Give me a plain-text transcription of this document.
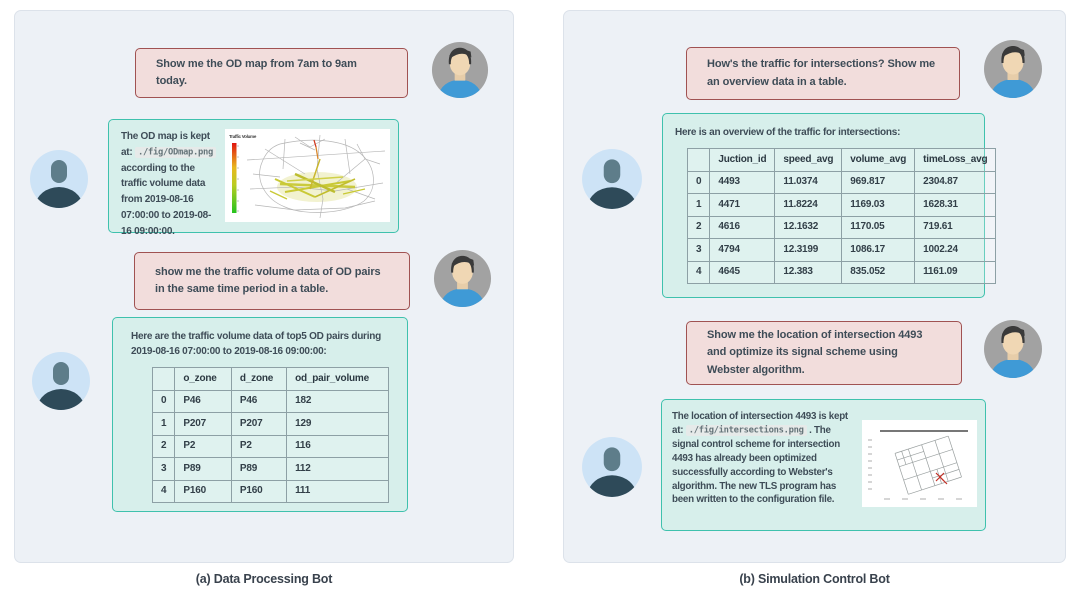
Show me the OD map from 7am to 9am today.
The OD map is kept at: ./fig/ODmap.png according to the traffic volume data from 2019-08-16 07:00:00 to 2019-08-16 09:00:00.
Traffic Volume
show me the traffic volume data of OD pairs in the same time period in a table.
Here are the traffic volume data of top5 OD pairs during 2019-08-16 07:00:00 to 2019-08-16 09:00:00:
	o_zone	d_zone	od_pair_volume
0	P46	P46	182
1	P207	P207	129
2	P2	P2	116
3	P89	P89	112
4	P160	P160	111
How's the traffic for intersections? Show me an overview data in a table.
Here is an overview of the traffic for intersections:
	Juction_id	speed_avg	volume_avg	timeLoss_avg
0	4493	11.0374	969.817	2304.87
1	4471	11.8224	1169.03	1628.31
2	4616	12.1632	1170.05	719.61
3	4794	12.3199	1086.17	1002.24
4	4645	12.383	835.052	1161.09
Show me the location of intersection 4493 and optimize its signal scheme using Webster algorithm.
The location of intersection 4493 is kept at: ./fig/intersections.png . The signal control scheme for intersection 4493 has already been optimized successfully according to Webster's algorithm. The new TLS program has been written to the configuration file.
(a) Data Processing Bot	(b) Simulation Control Bot
